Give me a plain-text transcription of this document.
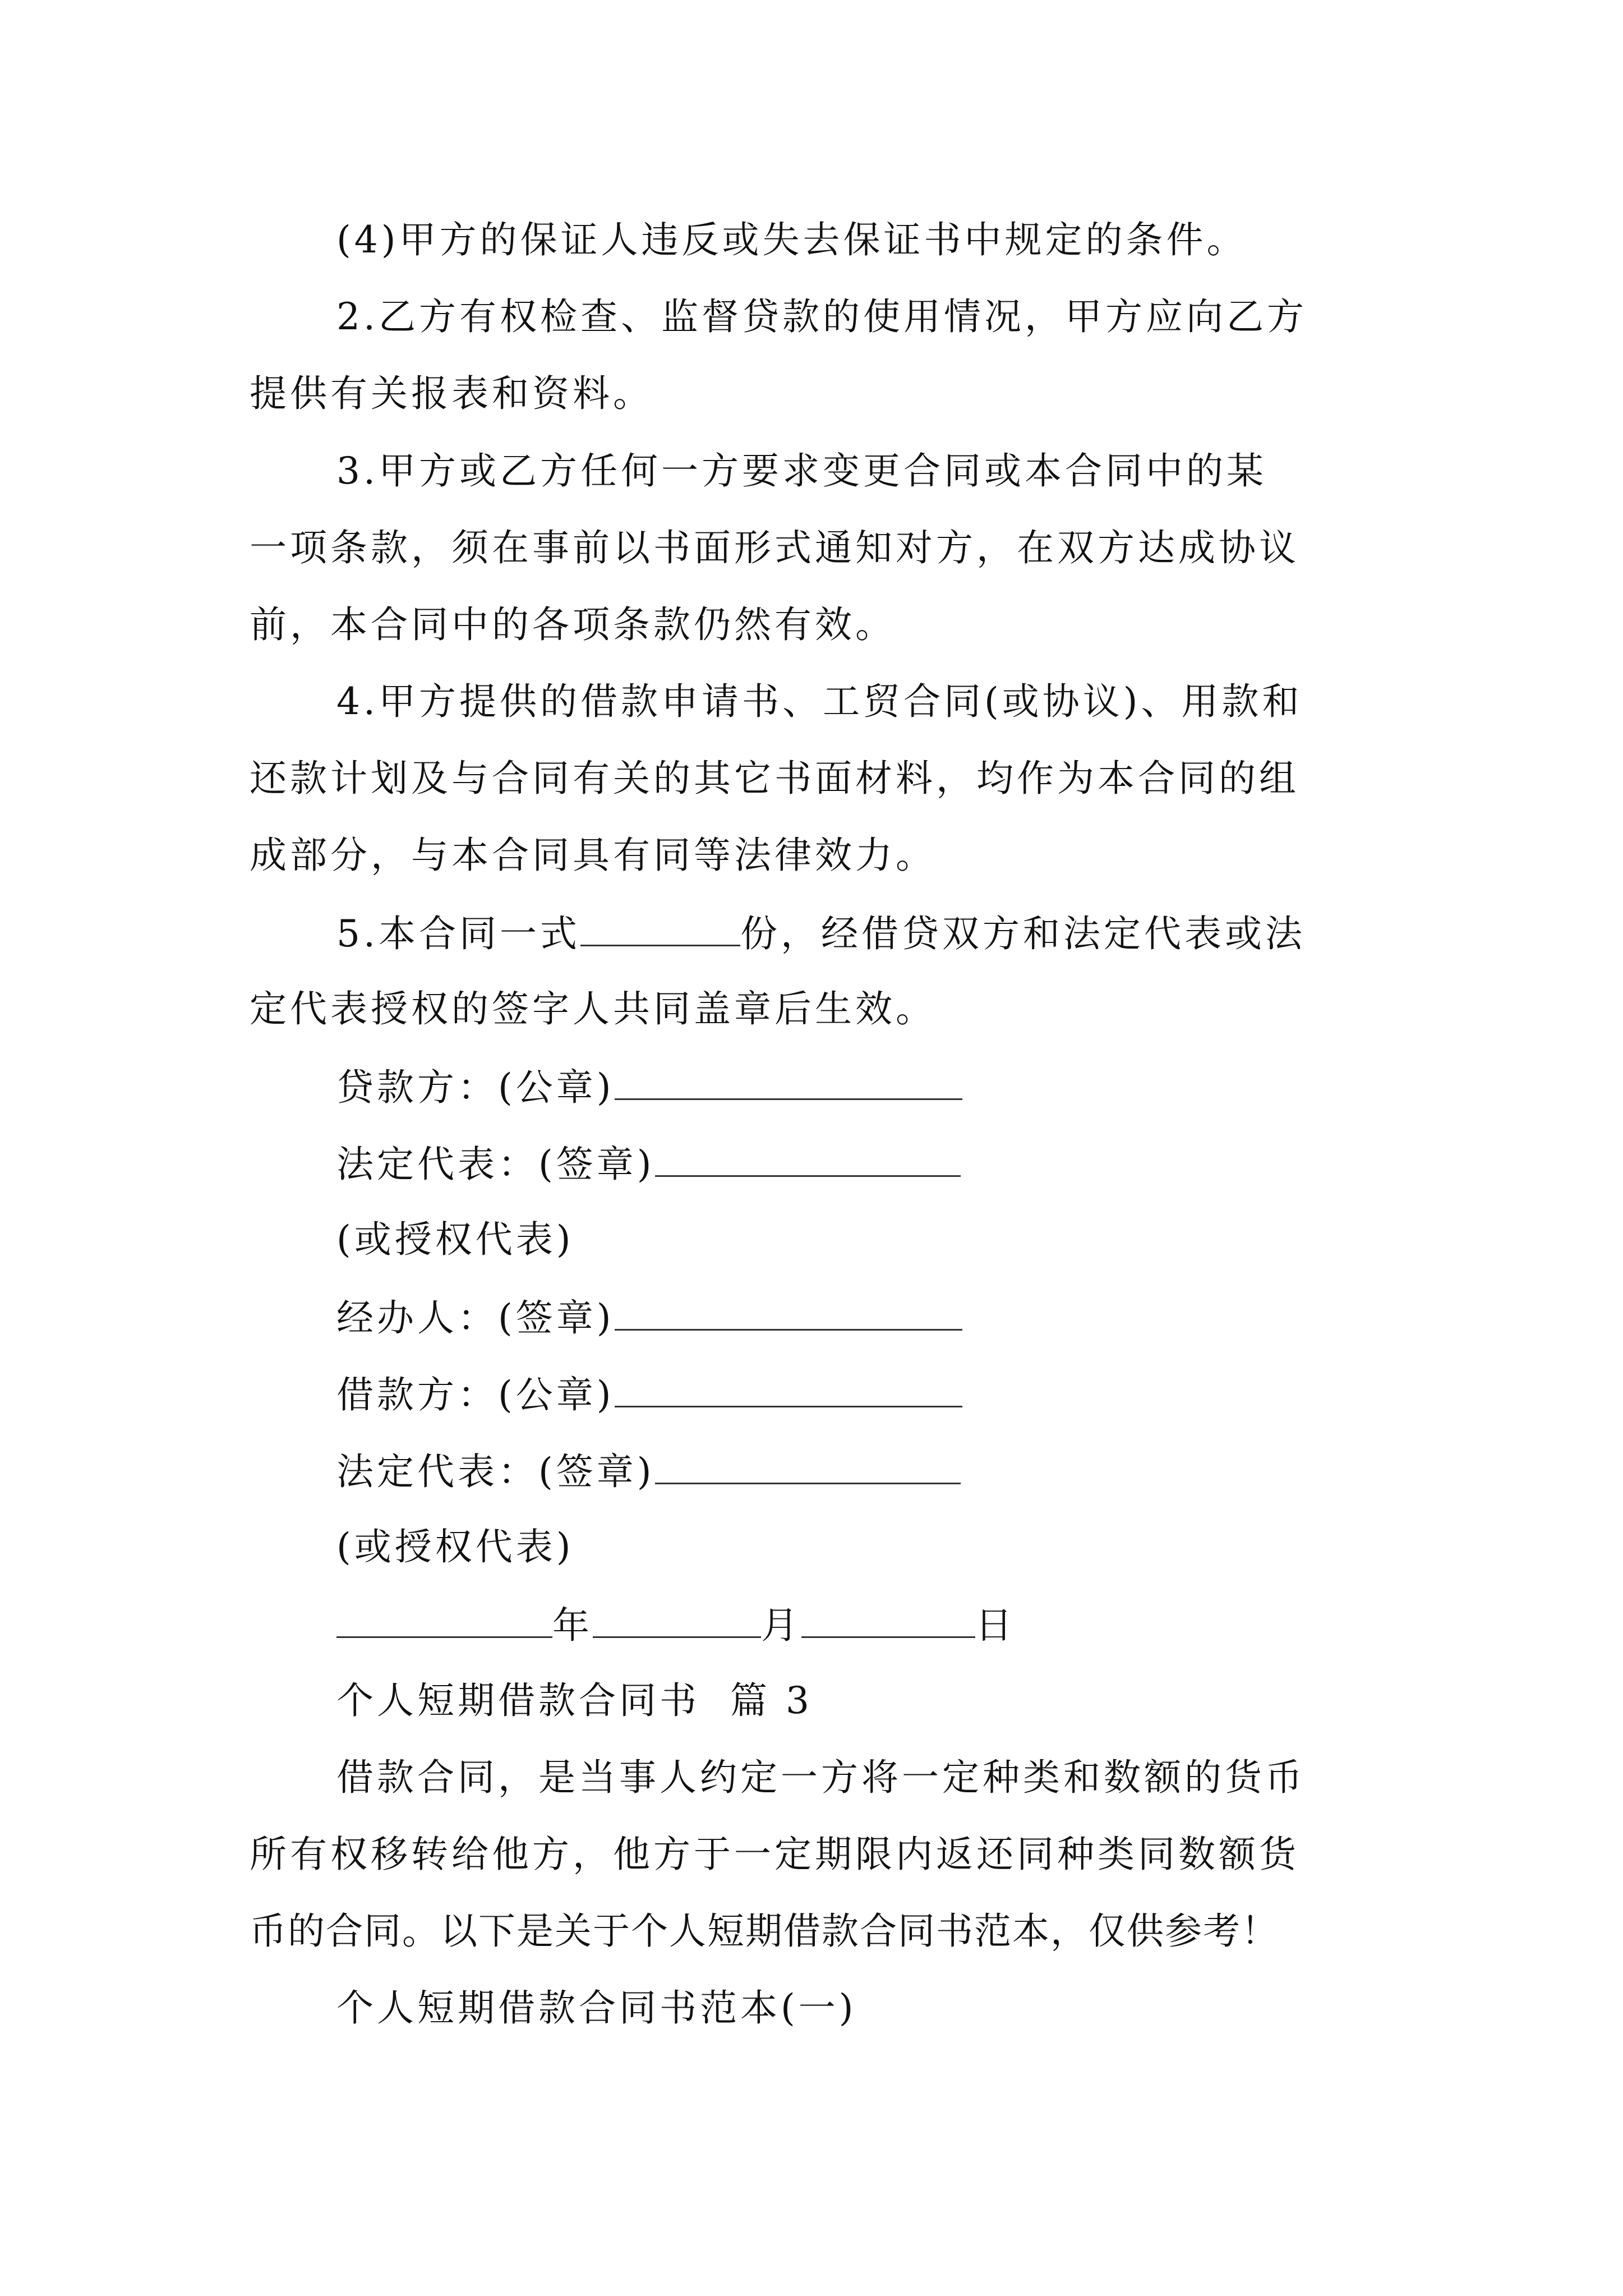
(4)甲方的保证人违反或失去保证书中规定的条件。
2.乙方有权检查、监督贷款的使用情况，甲方应向乙方
提供有关报表和资料。
3.甲方或乙方任何一方要求变更合同或本合同中的某
一项条款，须在事前以书面形式通知对方，在双方达成协议
前，本合同中的各项条款仍然有效。
4.甲方提供的借款申请书、工贸合同(或协议)、用款和
还款计划及与合同有关的其它书面材料，均作为本合同的组
成部分，与本合同具有同等法律效力。
5.本合同一式	份，经借贷双方和法定代表或法
定代表授权的签字人共同盖章后生效。
贷款方：(公章)
法定代表：(签章)
(或授权代表)
经办人：(签章)
借款方：(公章)
法定代表：(签章)
(或授权代表)
年	月	日
个人短期借款合同书  篇 3
借款合同，是当事人约定一方将一定种类和数额的货币
所有权移转给他方，他方于一定期限内返还同种类同数额货
币的合同。以下是关于个人短期借款合同书范本，仅供参考！
个人短期借款合同书范本(一)
